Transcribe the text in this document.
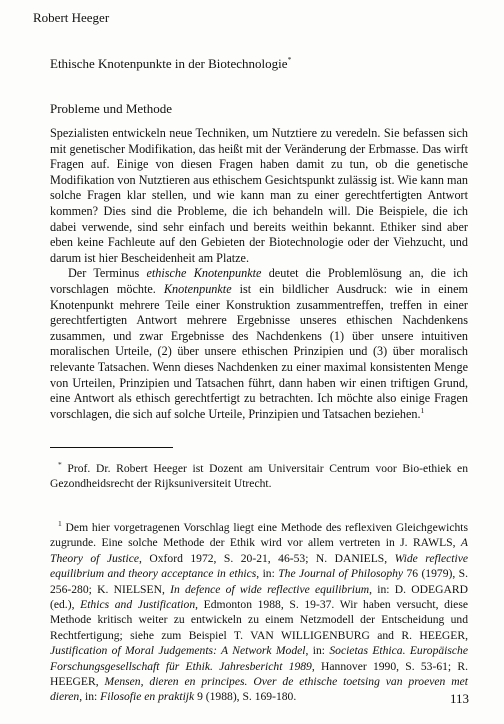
Robert Heeger
Ethische Knotenpunkte in der Biotechnologie*
Probleme und Methode

Spezialisten entwickeln neue Techniken, um Nutztiere zu veredeln. Sie befassen sich mit genetischer Modifikation, das heißt mit der Veränderung der Erbmasse. Das wirft Fragen auf. Einige von diesen Fragen haben damit zu tun, ob die genetische Modifikation von Nutztieren aus ethischem Gesichtspunkt zulässig ist. Wie kann man solche Fragen klar stellen, und wie kann man zu einer gerechtfertigten Antwort kommen? Dies sind die Probleme, die ich behandeln will. Die Beispiele, die ich dabei verwende, sind sehr einfach und bereits weithin bekannt. Ethiker sind aber eben keine Fachleute auf den Gebieten der Biotechnologie oder der Viehzucht, und darum ist hier Bescheidenheit am Platze.

Der Terminus ethische Knotenpunkte deutet die Problemlösung an, die ich vorschlagen möchte. Knotenpunkte ist ein bildlicher Ausdruck: wie in einem Knotenpunkt mehrere Teile einer Konstruktion zusammentreffen, treffen in einer gerechtfertigten Antwort mehrere Ergebnisse unseres ethischen Nachdenkens zusammen, und zwar Ergebnisse des Nachdenkens (1) über unsere intuitiven moralischen Urteile, (2) über unsere ethischen Prinzipien und (3) über moralisch relevante Tatsachen. Wenn dieses Nachdenken zu einer maximal konsistenten Menge von Urteilen, Prinzipien und Tatsachen führt, dann haben wir einen triftigen Grund, eine Antwort als ethisch gerechtfertigt zu betrachten. Ich möchte also einige Fragen vorschlagen, die sich auf solche Urteile, Prinzipien und Tatsachen beziehen.$^1$

* Prof. Dr. Robert Heeger ist Dozent am Universitair Centrum voor Bio-ethiek en Gezondheidsrecht der Rijksuniversiteit Utrecht.

$^1$ Dem hier vorgetragenen Vorschlag liegt eine Methode des reflexiven Gleichgewichts zugrunde. Eine solche Methode der Ethik wird vor allem vertreten in J. RAWLS, A Theory of Justice, Oxford 1972, S. 20-21, 46-53; N. DANIELS, Wide reflective equilibrium and theory acceptance in ethics, in: The Journal of Philosophy 76 (1979), S. 256-280; K. NIELSEN, In defence of wide reflective equilibrium, in: D. ODEGARD (ed.), Ethics and Justification, Edmonton 1988, S. 19-37. Wir haben versucht, diese Methode kritisch weiter zu entwickeln zu einem Netzmodell der Entscheidung und Rechtfertigung; siehe zum Beispiel T. VAN WILLIGENBURG and R. HEEGER, Justification of Moral Judgements: A Network Model, in: Societas Ethica. Europäische Forschungsgesellschaft für Ethik. Jahresbericht 1989, Hannover 1990, S. 53-61; R. HEEGER, Mensen, dieren en principes. Over de ethische toetsing van proeven met dieren, in: Filosofie en praktijk 9 (1988), S. 169-180.	113
